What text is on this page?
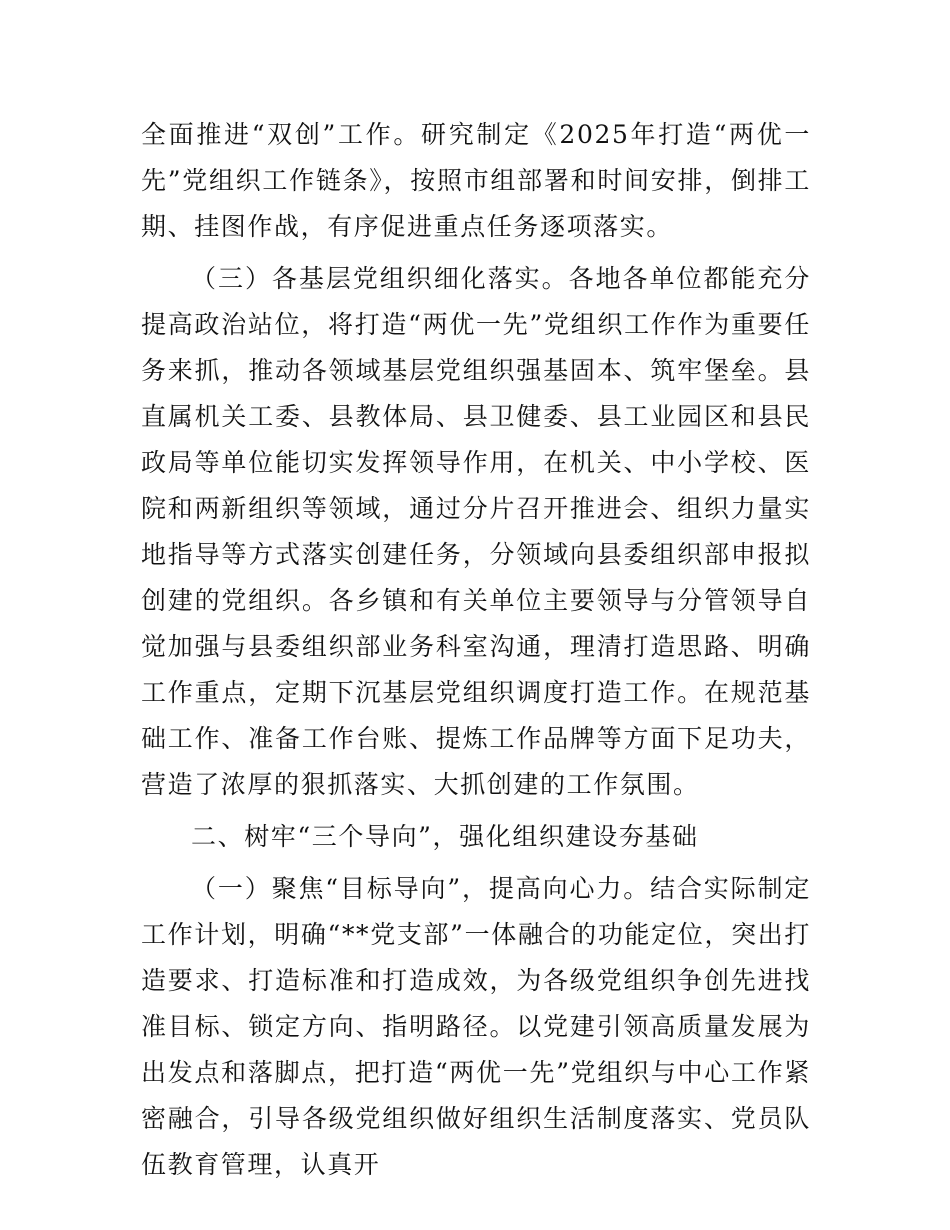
全面推进“双创”工作。研究制定《2025年打造“两优一先”党组织工作链条》，按照市组部署和时间安排，倒排工期、挂图作战，有序促进重点任务逐项落实。

（三）各基层党组织细化落实。各地各单位都能充分提高政治站位，将打造“两优一先”党组织工作作为重要任务来抓，推动各领域基层党组织强基固本、筑牢堡垒。县直属机关工委、县教体局、县卫健委、县工业园区和县民政局等单位能切实发挥领导作用，在机关、中小学校、医院和两新组织等领域，通过分片召开推进会、组织力量实地指导等方式落实创建任务，分领域向县委组织部申报拟创建的党组织。各乡镇和有关单位主要领导与分管领导自觉加强与县委组织部业务科室沟通，理清打造思路、明确工作重点，定期下沉基层党组织调度打造工作。在规范基础工作、准备工作台账、提炼工作品牌等方面下足功夫，营造了浓厚的狠抓落实、大抓创建的工作氛围。

二、树牢“三个导向”，强化组织建设夯基础

（一）聚焦“目标导向”，提高向心力。结合实际制定工作计划，明确“**党支部”一体融合的功能定位，突出打造要求、打造标准和打造成效，为各级党组织争创先进找准目标、锁定方向、指明路径。以党建引领高质量发展为出发点和落脚点，把打造“两优一先”党组织与中心工作紧密融合，引导各级党组织做好组织生活制度落实、党员队伍教育管理，认真开
